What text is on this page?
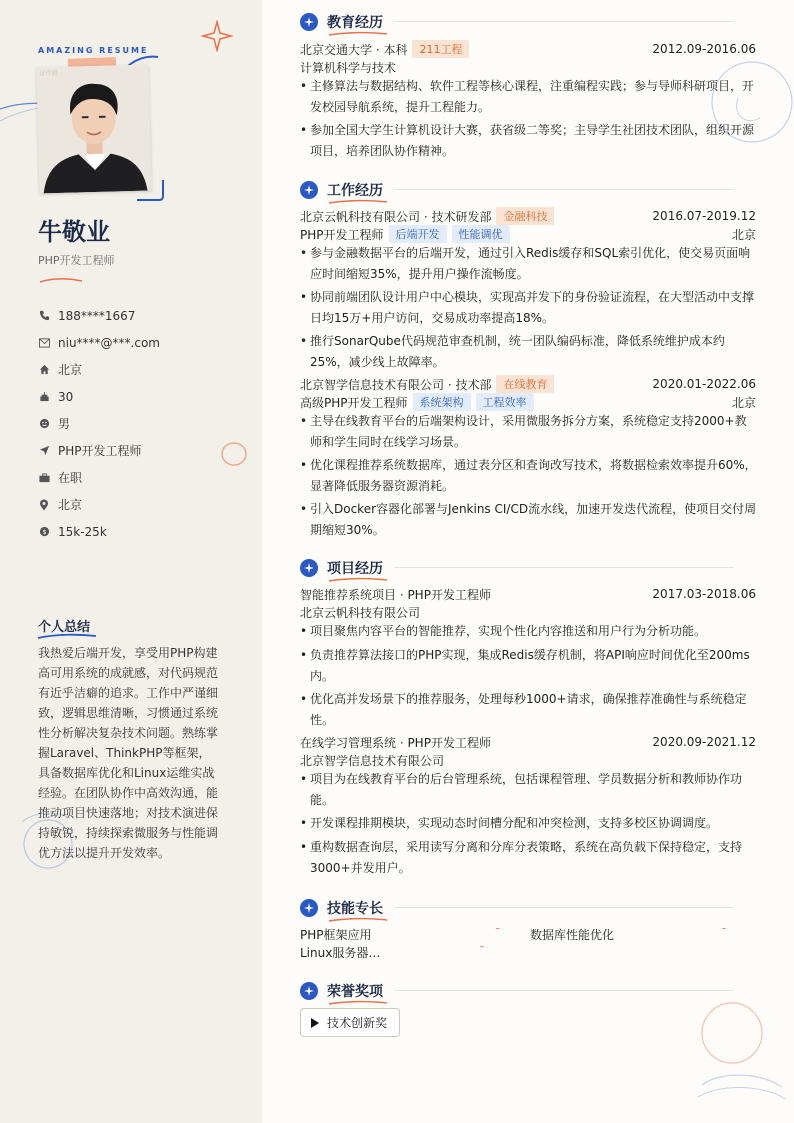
AMAZING RESUME
证件照
牛敬业
PHP开发工程师
188****1667
niu****@***.com
北京
30
男
PHP开发工程师
在职
北京
$ 15k-25k
个人总结
我热爱后端开发，享受用PHP构建高可用系统的成就感，对代码规范有近乎洁癖的追求。工作中严谨细致，逻辑思维清晰，习惯通过系统性分析解决复杂技术问题。熟练掌握Laravel、ThinkPHP等框架，具备数据库优化和Linux运维实战经验。在团队协作中高效沟通，能推动项目快速落地；对技术演进保持敏锐，持续探索微服务与性能调优方法以提升开发效率。
教育经历
北京交通大学 · 本科	211工程	2012.09-2016.06
计算机科学与技术
• 主修算法与数据结构、软件工程等核心课程，注重编程实践；参与导师科研项目，开发校园导航系统，提升工程能力。
• 参加全国大学生计算机设计大赛，获省级二等奖；主导学生社团技术团队，组织开源项目，培养团队协作精神。
工作经历
北京云帆科技有限公司 · 技术研发部	金融科技	2016.07-2019.12
PHP开发工程师	后端开发	性能调优	北京
• 参与金融数据平台的后端开发，通过引入Redis缓存和SQL索引优化，使交易页面响应时间缩短35%，提升用户操作流畅度。
• 协同前端团队设计用户中心模块，实现高并发下的身份验证流程，在大型活动中支撑日均15万+用户访问，交易成功率提高18%。
• 推行SonarQube代码规范审查机制，统一团队编码标准，降低系统维护成本约25%，减少线上故障率。
北京智学信息技术有限公司 · 技术部	在线教育	2020.01-2022.06
高级PHP开发工程师	系统架构	工程效率	北京
• 主导在线教育平台的后端架构设计，采用微服务拆分方案，系统稳定支持2000+教师和学生同时在线学习场景。
• 优化课程推荐系统数据库，通过表分区和查询改写技术，将数据检索效率提升60%，显著降低服务器资源消耗。
• 引入Docker容器化部署与Jenkins CI/CD流水线，加速开发迭代流程，使项目交付周期缩短30%。
项目经历
智能推荐系统项目 · PHP开发工程师	2017.03-2018.06
北京云帆科技有限公司
• 项目聚焦内容平台的智能推荐，实现个性化内容推送和用户行为分析功能。
• 负责推荐算法接口的PHP实现，集成Redis缓存机制，将API响应时间优化至200ms内。
• 优化高并发场景下的推荐服务，处理每秒1000+请求，确保推荐准确性与系统稳定性。
在线学习管理系统 · PHP开发工程师	2020.09-2021.12
北京智学信息技术有限公司
• 项目为在线教育平台的后台管理系统，包括课程管理、学员数据分析和教师协作功能。
• 开发课程排期模块，实现动态时间槽分配和冲突检测，支持多校区协调调度。
• 重构数据查询层，采用读写分离和分库分表策略，系统在高负载下保持稳定，支持3000+并发用户。
技能专长
PHP框架应用	数据库性能优化
Linux服务器…
荣誉奖项
技术创新奖
